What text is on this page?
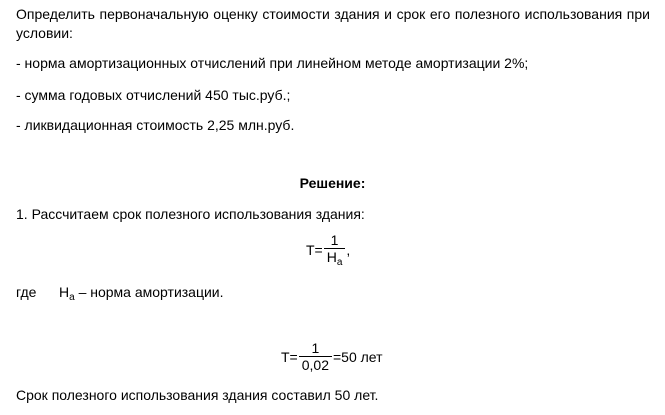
Определить первоначальную оценку стоимости здания и срок его полезного использования при
условии:
- норма амортизационных отчислений при линейном методе амортизации 2%;
- сумма годовых отчислений 450 тыс.руб.;
- ликвидационная стоимость 2,25 млн.руб.
Решение:
1. Рассчитаем срок полезного использования здания:
$T= \frac{1}{Н_а}$ ,
где $Н_а$ – норма амортизации.
$T= \frac{1}{0,02} =50$ лет
Срок полезного использования здания составил 50 лет.
